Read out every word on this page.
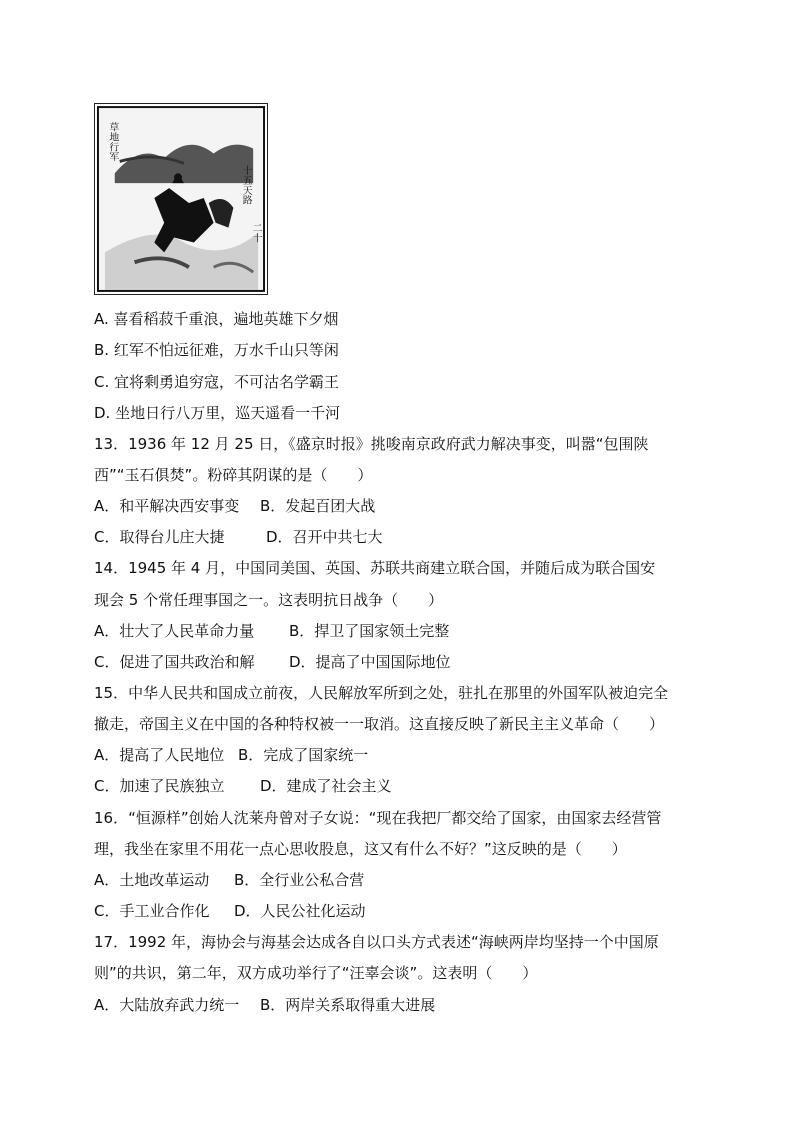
十五天路
二十
草地行军
A. 喜看稻菽千重浪，遍地英雄下夕烟
B. 红军不怕远征难，万水千山只等闲
C. 宜将剩勇追穷寇，不可沽名学霸王
D. 坐地日行八万里，巡天遥看一千河
13．1936 年 12 月 25 日，《盛京时报》挑唆南京政府武力解决事变，叫嚣“包围陕
西”“玉石俱焚”。粉碎其阴谋的是（　　）
A．和平解决西安事变 B．发起百团大战
C．取得台儿庄大捷	D．召开中共七大
14．1945 年 4 月，中国同美国、英国、苏联共商建立联合国，并随后成为联合国安
现会 5 个常任理事国之一。这表明抗日战争（　　）
A．壮大了人民革命力量 B．捍卫了国家领土完整
C．促进了国共政治和解 D．提高了中国国际地位
15．中华人民共和国成立前夜，人民解放军所到之处，驻扎在那里的外国军队被迫完全
撤走，帝国主义在中国的各种特权被一一取消。这直接反映了新民主主义革命（　　）
A．提高了人民地位 B．完成了国家统一
C．加速了民族独立 D．建成了社会主义
16．“恒源样”创始人沈莱舟曾对子女说：“现在我把厂都交给了国家，由国家去经营管
理，我坐在家里不用花一点心思收股息，这又有什么不好？”这反映的是（　　）
A．土地改革运动 B．全行业公私合营
C．手工业合作化 D．人民公社化运动
17．1992 年，海协会与海基会达成各自以口头方式表述“海峡两岸均坚持一个中国原
则”的共识，第二年，双方成功举行了“汪辜会谈”。这表明（　　）
A．大陆放弃武力统一 B．两岸关系取得重大进展
